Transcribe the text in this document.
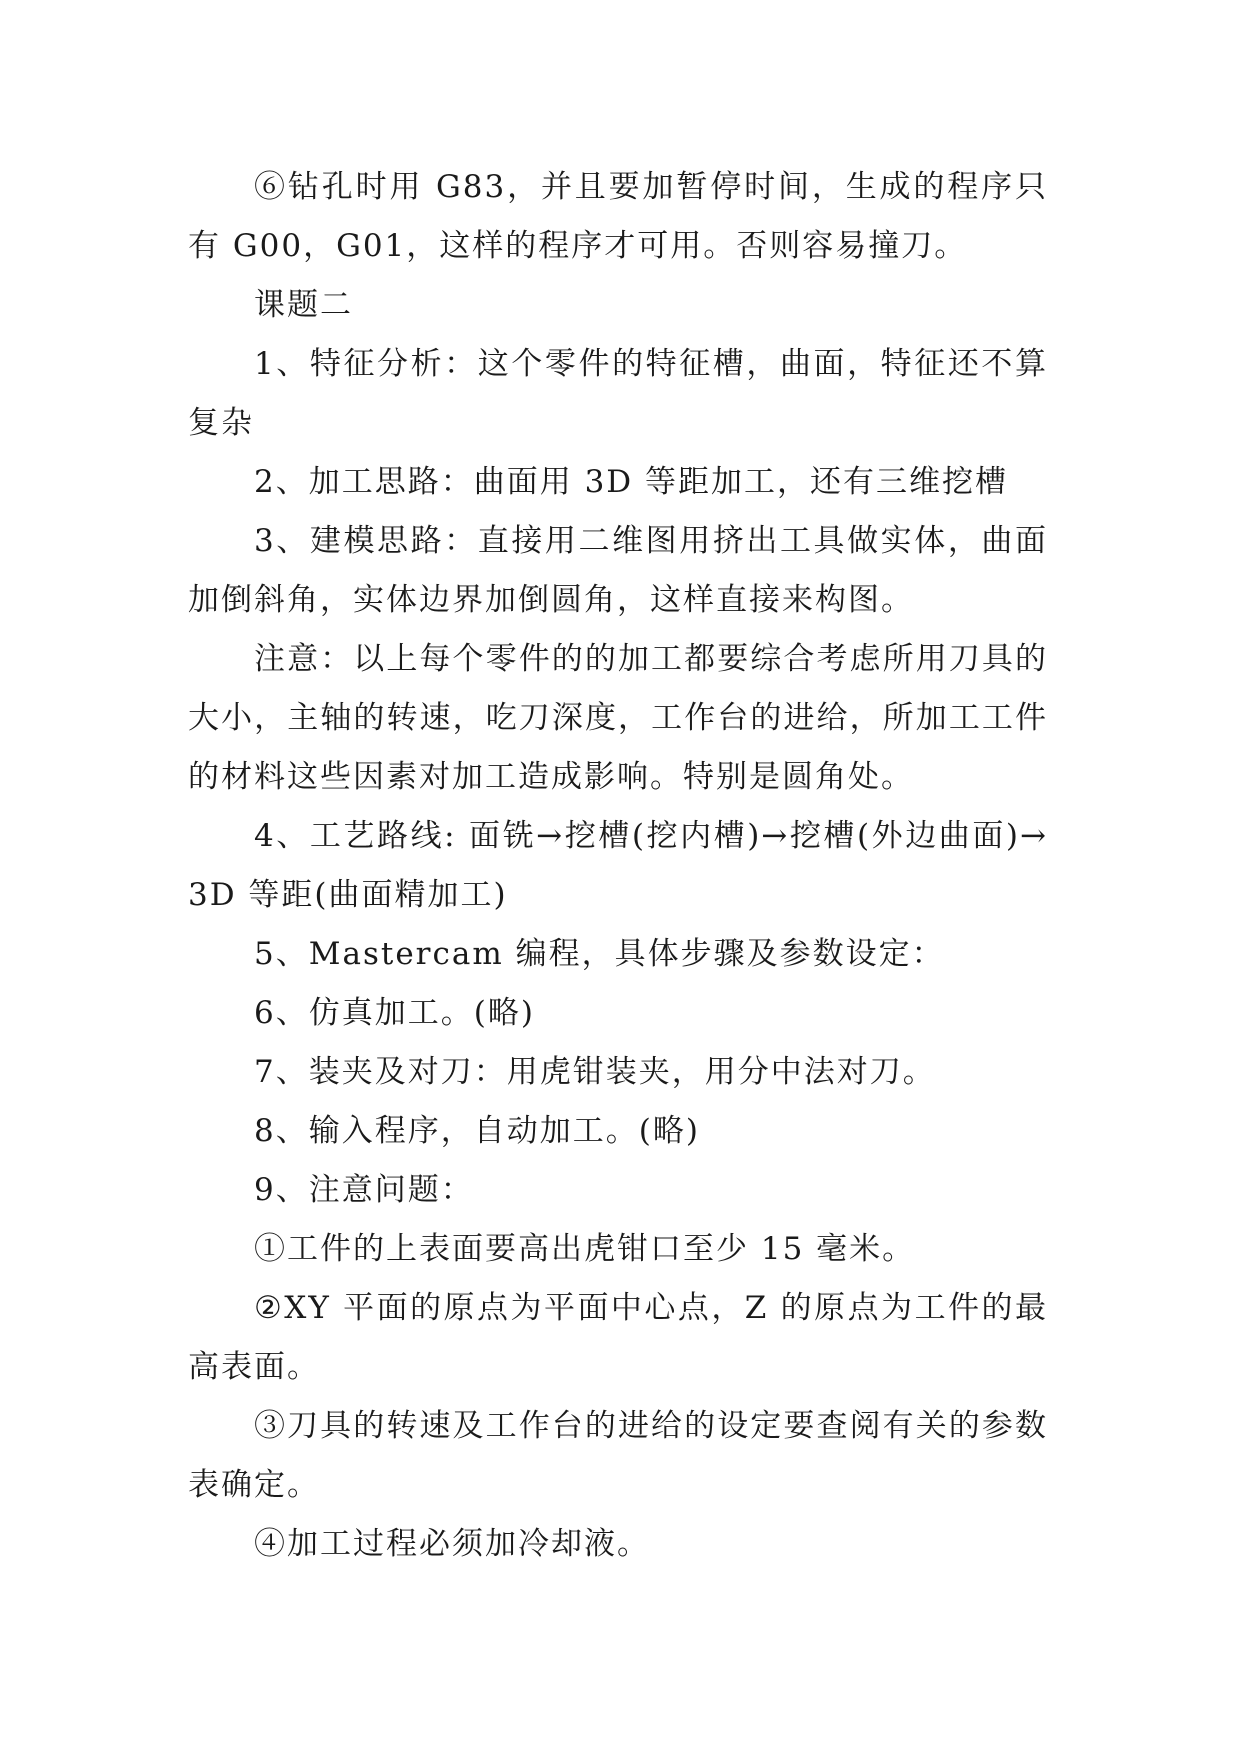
⑥钻孔时用 G83，并且要加暂停时间，生成的程序只有 G00，G01，这样的程序才可用。否则容易撞刀。

课题二

1、特征分析：这个零件的特征槽，曲面，特征还不算复杂

2、加工思路：曲面用 3D 等距加工，还有三维挖槽

3、建模思路：直接用二维图用挤出工具做实体，曲面加倒斜角，实体边界加倒圆角，这样直接来构图。

注意：以上每个零件的的加工都要综合考虑所用刀具的大小，主轴的转速，吃刀深度，工作台的进给，所加工工件的材料这些因素对加工造成影响。特别是圆角处。

4、工艺路线: 面铣→挖槽(挖内槽)→挖槽(外边曲面)→3D 等距(曲面精加工)

5、Mastercam 编程，具体步骤及参数设定：

6、仿真加工。(略)

7、装夹及对刀：用虎钳装夹，用分中法对刀。

8、输入程序，自动加工。(略)

9、注意问题：

①工件的上表面要高出虎钳口至少 15 毫米。

②XY 平面的原点为平面中心点，Z 的原点为工件的最高表面。

③刀具的转速及工作台的进给的设定要查阅有关的参数表确定。

④加工过程必须加冷却液。
